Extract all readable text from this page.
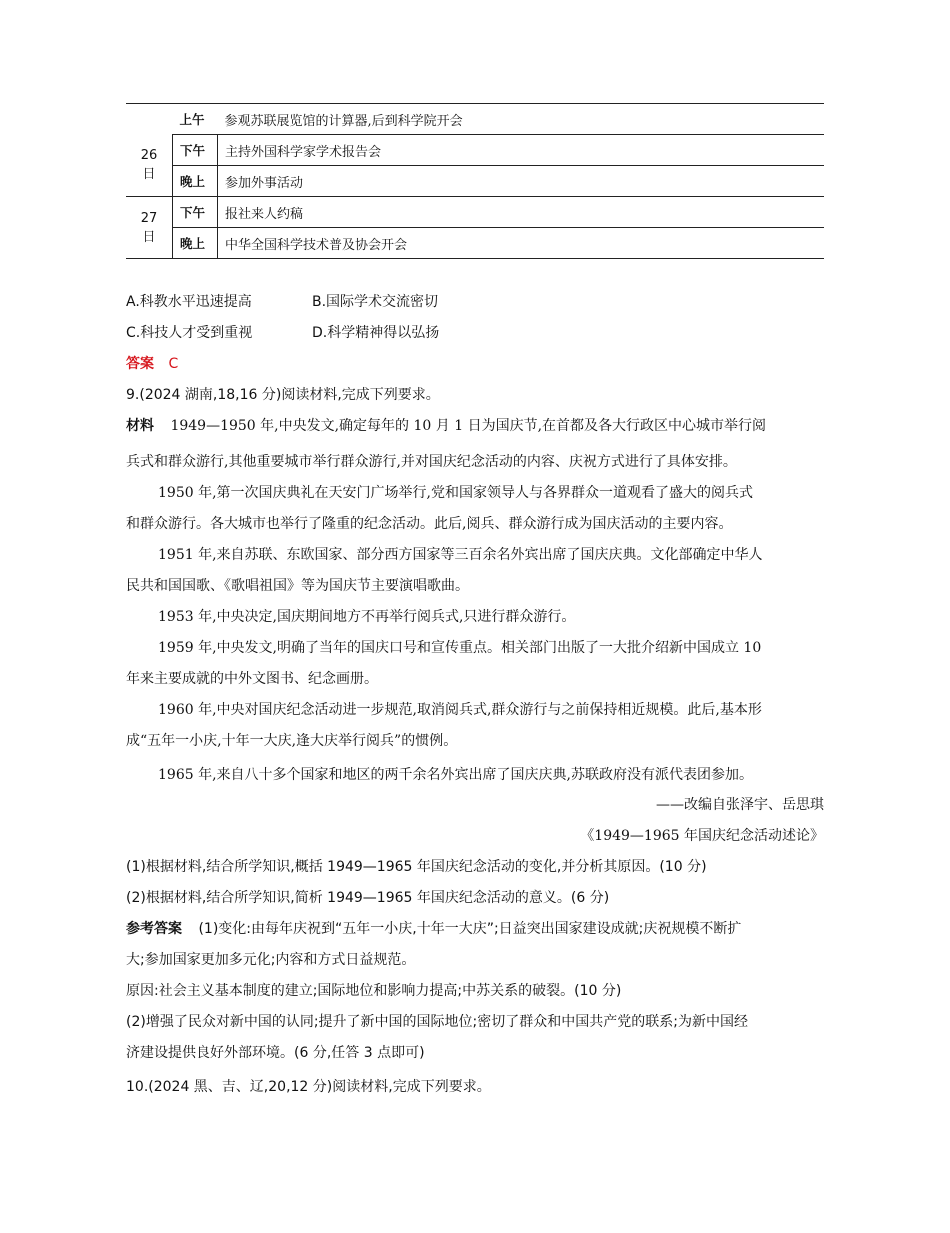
	上午	参观苏联展览馆的计算器,后到科学院开会
26 日	下午	主持外国科学家学术报告会
	晚上	参加外事活动
27 日	下午	报社来人约稿
	晚上	中华全国科学技术普及协会开会
A.科教水平迅速提高	B.国际学术交流密切
C.科技人才受到重视	D.科学精神得以弘扬
答案 C
9.(2024 湖南,18,16 分)阅读材料,完成下列要求。
材料 1949—1950 年,中央发文,确定每年的 10 月 1 日为国庆节,在首都及各大行政区中心城市举行阅
兵式和群众游行,其他重要城市举行群众游行,并对国庆纪念活动的内容、庆祝方式进行了具体安排。
1950 年,第一次国庆典礼在天安门广场举行,党和国家领导人与各界群众一道观看了盛大的阅兵式
和群众游行。各大城市也举行了隆重的纪念活动。此后,阅兵、群众游行成为国庆活动的主要内容。
1951 年,来自苏联、东欧国家、部分西方国家等三百余名外宾出席了国庆庆典。文化部确定中华人
民共和国国歌、《歌唱祖国》等为国庆节主要演唱歌曲。
1953 年,中央决定,国庆期间地方不再举行阅兵式,只进行群众游行。
1959 年,中央发文,明确了当年的国庆口号和宣传重点。相关部门出版了一大批介绍新中国成立 10
年来主要成就的中外文图书、纪念画册。
1960 年,中央对国庆纪念活动进一步规范,取消阅兵式,群众游行与之前保持相近规模。此后,基本形
成“五年一小庆,十年一大庆,逢大庆举行阅兵”的惯例。
1965 年,来自八十多个国家和地区的两千余名外宾出席了国庆庆典,苏联政府没有派代表团参加。
——改编自张泽宇、岳思琪
《1949—1965 年国庆纪念活动述论》
(1)根据材料,结合所学知识,概括 1949—1965 年国庆纪念活动的变化,并分析其原因。(10 分)
(2)根据材料,结合所学知识,简析 1949—1965 年国庆纪念活动的意义。(6 分)
参考答案 (1)变化:由每年庆祝到“五年一小庆,十年一大庆”;日益突出国家建设成就;庆祝规模不断扩
大;参加国家更加多元化;内容和方式日益规范。
原因:社会主义基本制度的建立;国际地位和影响力提高;中苏关系的破裂。(10 分)
(2)增强了民众对新中国的认同;提升了新中国的国际地位;密切了群众和中国共产党的联系;为新中国经
济建设提供良好外部环境。(6 分,任答 3 点即可)
10.(2024 黑、吉、辽,20,12 分)阅读材料,完成下列要求。
